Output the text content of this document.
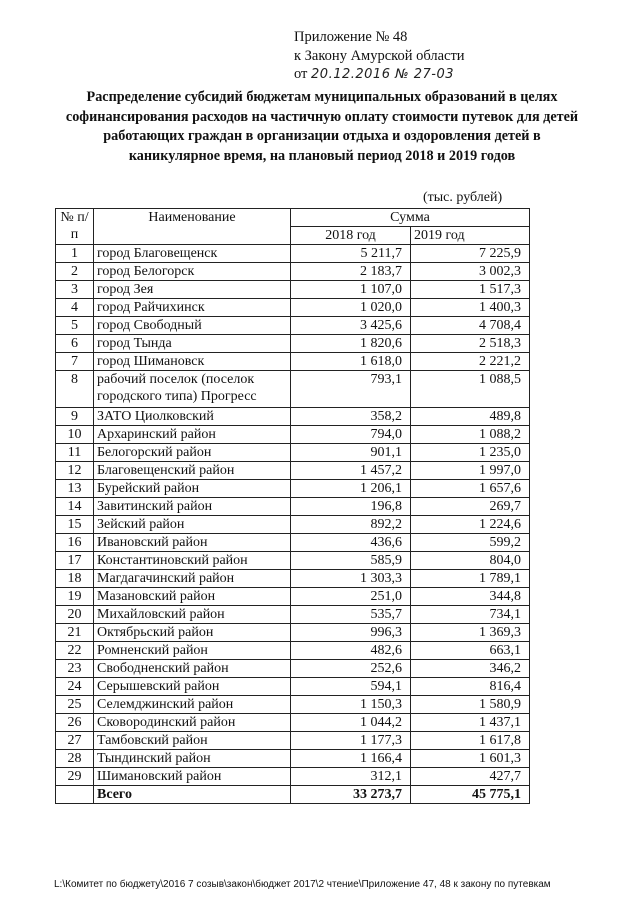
Приложение № 48
к Закону Амурской области
от 20.12.2016 № 27-03
Распределение субсидий бюджетам муниципальных образований в целях софинансирования расходов на частичную оплату стоимости путевок для детей работающих граждан в организации отдыха и оздоровления детей в каникулярное время, на плановый период 2018 и 2019 годов
(тыс. рублей)
№ п/п	Наименование	Сумма	
		2018 год	2019 год
1	город Благовещенск	5 211,7	7 225,9
2	город Белогорск	2 183,7	3 002,3
3	город Зея	1 107,0	1 517,3
4	город Райчихинск	1 020,0	1 400,3
5	город Свободный	3 425,6	4 708,4
6	город Тында	1 820,6	2 518,3
7	город Шимановск	1 618,0	2 221,2
8	рабочий поселок (поселок городского типа) Прогресс	793,1	1 088,5
9	ЗАТО Циолковский	358,2	489,8
10	Архаринский район	794,0	1 088,2
11	Белогорский район	901,1	1 235,0
12	Благовещенский район	1 457,2	1 997,0
13	Бурейский район	1 206,1	1 657,6
14	Завитинский район	196,8	269,7
15	Зейский район	892,2	1 224,6
16	Ивановский район	436,6	599,2
17	Константиновский район	585,9	804,0
18	Магдагачинский район	1 303,3	1 789,1
19	Мазановский район	251,0	344,8
20	Михайловский район	535,7	734,1
21	Октябрьский район	996,3	1 369,3
22	Ромненский район	482,6	663,1
23	Свободненский район	252,6	346,2
24	Серышевский район	594,1	816,4
25	Селемджинский район	1 150,3	1 580,9
26	Сковородинский район	1 044,2	1 437,1
27	Тамбовский район	1 177,3	1 617,8
28	Тындинский район	1 166,4	1 601,3
29	Шимановский район	312,1	427,7
	Всего	33 273,7	45 775,1
L:\Комитет по бюджету\2016 7 созыв\закон\бюджет 2017\2 чтение\Приложение 47, 48 к закону по путевкам
